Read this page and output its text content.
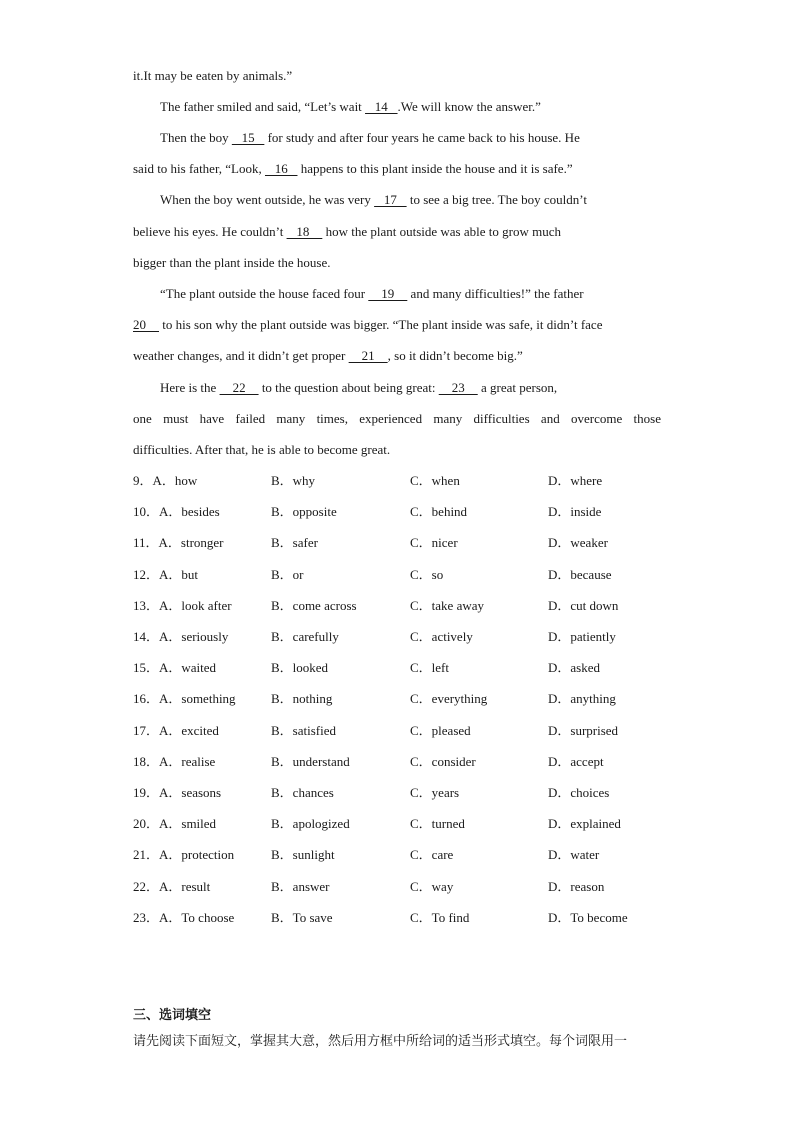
it.It may be eaten by animals.”
The father smiled and said, “Let’s wait    14   .We will know the answer.”
Then the boy    15    for study and after four years he came back to his house. He
said to his father, “Look,    16    happens to this plant inside the house and it is safe.”
When the boy went outside, he was very    17    to see a big tree. The boy couldn’t
believe his eyes. He couldn’t    18     how the plant outside was able to grow much
bigger than the plant inside the house.
“The plant outside the house faced four     19     and many difficulties!” the father
20     to his son why the plant outside was bigger. “The plant inside was safe, it didn’t face
weather changes, and it didn’t get proper     21    , so it didn’t become big.”
Here is the     22     to the question about being great:     23     a great person,
one must have failed many times, experienced many difficulties and overcome those
difficulties. After that, he is able to become great.
9．A．how	B．why	C．when	D．where
10．A．besides	B．opposite	C．behind	D．inside
11．A．stronger	B．safer	C．nicer	D．weaker
12．A．but	B．or	C．so	D．because
13．A．look after	B．come across	C．take away	D．cut down
14．A．seriously	B．carefully	C．actively	D．patiently
15．A．waited	B．looked	C．left	D．asked
16．A．something	B．nothing	C．everything	D．anything
17．A．excited	B．satisfied	C．pleased	D．surprised
18．A．realise	B．understand	C．consider	D．accept
19．A．seasons	B．chances	C．years	D．choices
20．A．smiled	B．apologized	C．turned	D．explained
21．A．protection	B．sunlight	C．care	D．water
22．A．result	B．answer	C．way	D．reason
23．A．To choose	B．To save	C．To find	D．To become
三、选词填空
请先阅读下面短文，掌握其大意，然后用方框中所给词的适当形式填空。每个词限用一
